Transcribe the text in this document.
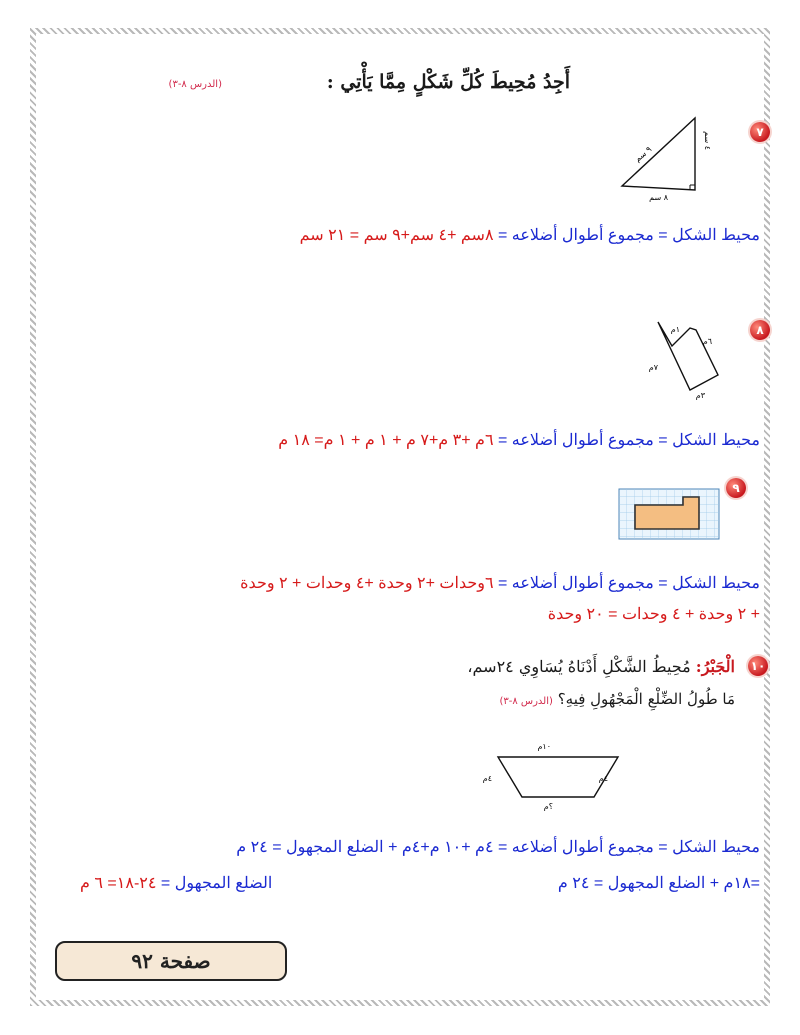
أَجِدُ مُحِيطَ كُلِّ شَكْلٍ مِمَّا يَأْتِي :
(الدرس ٨-٣)
٧
٩ سم
٤ سم
٨ سم
محيط الشكل = مجموع أطوال أضلاعه = ٨سم +٤ سم+٩ سم = ٢١ سم
٨
١م
٦م
٧م
٣م
محيط الشكل = مجموع أطوال أضلاعه = ٦م +٣ م+٧ م + ١ م + ١ م= ١٨ م
٩
محيط الشكل = مجموع أطوال أضلاعه = ٦وحدات +٢ وحدة +٤ وحدات + ٢ وحدة
+ ٢ وحدة + ٤ وحدات = ٢٠ وحدة
١٠
الْجَبْرُ: مُحِيطُ الشَّكْلِ أَدْنَاهُ يُسَاوِي ٢٤سم،
مَا طُولُ الضِّلْعِ الْمَجْهُولِ فِيهِ؟ (الدرس ٨-٣)
١٠م
٤م	٤م
؟م
محيط الشكل = مجموع أطوال أضلاعه = ٤م +١٠ م+٤م + الضلع المجهول = ٢٤ م
=١٨م + الضلع المجهول = ٢٤ م
الضلع المجهول = ٢٤-١٨= ٦ م
صفحة ٩٢
